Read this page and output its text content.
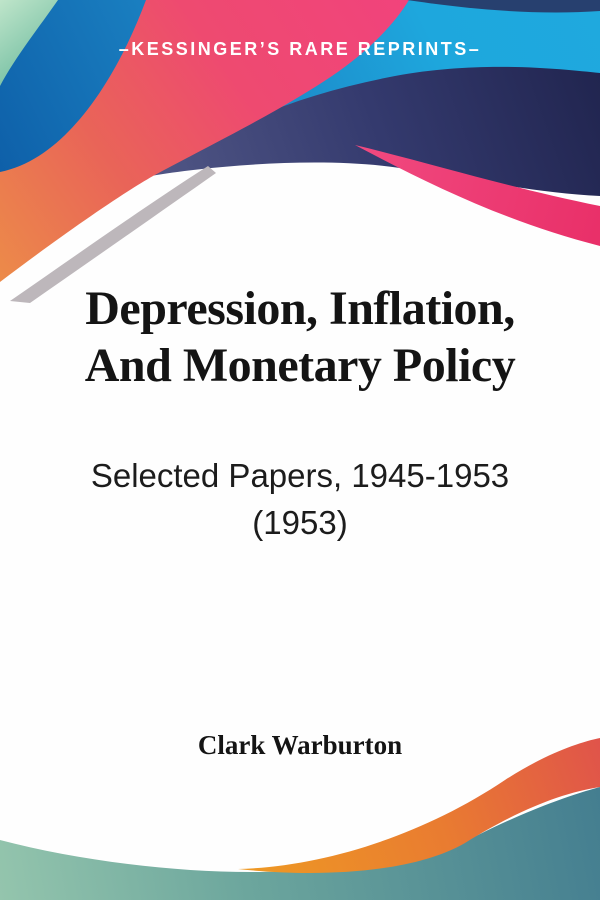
–KESSINGER’S RARE REPRINTS–
Depression, Inflation,
And Monetary Policy
Selected Papers, 1945-1953
(1953)
Clark Warburton
